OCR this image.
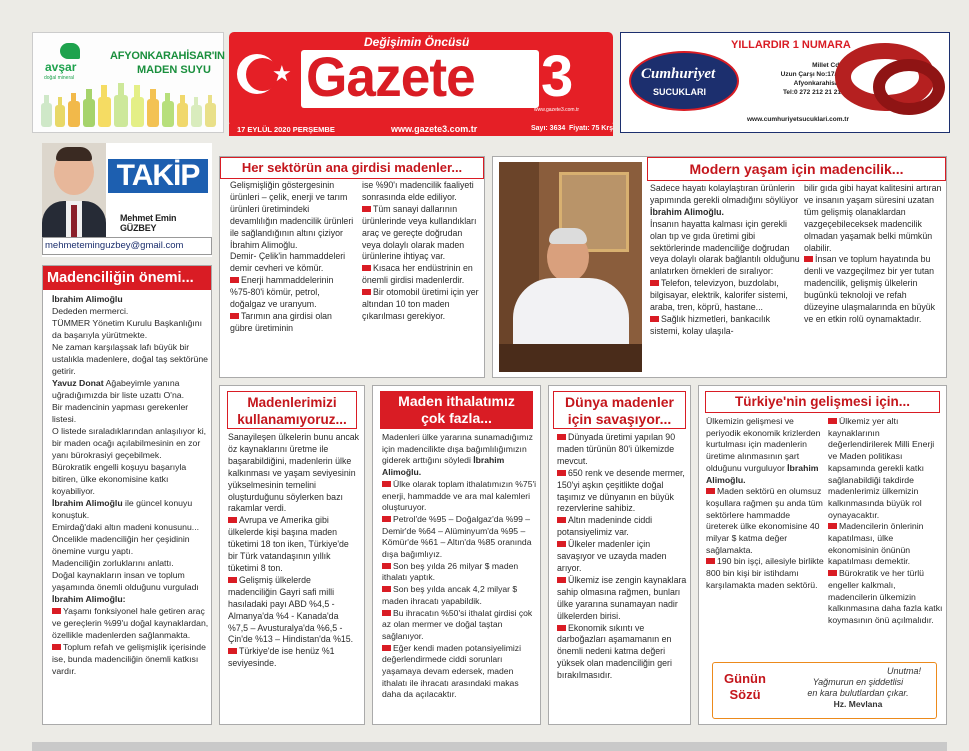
avşar
doğal mineral
AFYONKARAHİSAR'IN
MADEN SUYU	★
Değişimin Öncüsü
Gazete 3
www.gazete3.com.tr
17 EYLÜL 2020 PERŞEMBE	www.gazete3.com.tr	Sayı: 3634 Fiyatı: 75 Krş
YILLARDIR 1 NUMARA
Cumhuriyet
SUCUKLARI
Millet Cd.
Uzun Çarşı No:17/A
Afyonkarahisar
Tel:0 272 212 21 21
www.cumhuriyetsucuklari.com.tr
TAKİP
Mehmet Emin GÜZBEY
mehmeteminguzbey@gmail.com
Madenciliğin önemi...

İbrahim Alimoğlu

Dededen mermerci.

TÜMMER Yönetim Kurulu Başkanlığını da başarıyla yürütmekte.

Ne zaman karşılaşsak lafı büyük bir ustalıkla madenlere, doğal taş sektörüne getirir.

Yavuz Donat Ağabeyimle yanına uğradığımızda bir liste uzattı O'na.

Bir madencinin yapması gerekenler listesi.

O listede sıraladıklarından anlaşılıyor ki, bir maden ocağı açılabilmesinin en zor yanı bürokrasiyi geçebilmek.

Bürokratik engelli koşuyu başarıyla bitiren, ülke ekonomisine katkı koyabiliyor.

İbrahim Alimoğlu ile güncel konuyu konuştuk.

Emirdağ'daki altın madeni konusunu...

Öncelikle madenciliğin her çeşidinin önemine vurgu yaptı.

Madenciliğin zorluklarını anlattı.

Doğal kaynakların insan ve toplum yaşamında önemli olduğunu vurguladı İbrahim Alimoğlu:

Yaşamı fonksiyonel hale getiren araç ve gereçlerin %99'u doğal kaynaklardan, özellikle madenlerden sağlanmakta.

Toplum refah ve gelişmişlik içerisinde ise, bunda madenciliğin önemli katkısı vardır.

Her sektörün ana girdisi madenler...

Gelişmişliğin göstergesinin ürünleri – çelik, enerji ve tarım ürünleri üretimindeki devamlılığın madencilik ürünleri ile sağlandığının altını çiziyor İbrahim Alimoğlu.

Demir- Çelik'in hammaddeleri demir cevheri ve kömür.

Enerji hammaddelerinin %75-80'i kömür, petrol, doğalgaz ve uranyum.

Tarımın ana girdisi olan gübre üretiminin

ise %90'ı madencilik faaliyeti sonrasında elde ediliyor.

Tüm sanayi dallarının ürünlerinde veya kullandıkları araç ve gereçte doğrudan veya dolaylı olarak maden ürünlerine ihtiyaç var.

Kısaca her endüstrinin en önemli girdisi madenlerdir.

Bir otomobil üretimi için yer altından 10 ton maden çıkarılması gerekiyor.

Modern yaşam için madencilik...

Sadece hayatı kolaylaştıran ürünlerin yapımında gerekli olmadığını söylüyor İbrahim Alimoğlu.

İnsanın hayatta kalması için gerekli olan tıp ve gıda üretimi gibi sektörlerinde madenciliğe doğrudan veya dolaylı olarak bağlantılı olduğunu anlatırken örnekleri de sıralıyor:

Telefon, televizyon, buzdolabı, bilgisayar, elektrik, kalorifer sistemi, araba, tren, köprü, hastane...

Sağlık hizmetleri, bankacılık sistemi, kolay ulaşıla-

bilir gıda gibi hayat kalitesini artıran ve insanın yaşam süresini uzatan tüm gelişmiş olanaklardan vazgeçebileceksek madencilik olmadan yaşamak belki mümkün olabilir.

İnsan ve toplum hayatında bu denli ve vazgeçilmez bir yer tutan madencilik, gelişmiş ülkelerin bugünkü teknoloji ve refah düzeyine ulaşmalarında en büyük ve en etkin rolü oynamaktadır.

Madenlerimizi kullanamıyoruz...

Sanayileşen ülkelerin bunu ancak öz kaynaklarını üretme ile başarabildiğini, madenlerin ülke kalkınması ve yaşam seviyesinin yükselmesinin temelini oluşturduğunu söylerken bazı rakamlar verdi.

Avrupa ve Amerika gibi ülkelerde kişi başına maden tüketimi 18 ton iken, Türkiye'de bir Türk vatandaşının yıllık tüketimi 8 ton.

Gelişmiş ülkelerde madenciliğin Gayri safi milli hasıladaki payı ABD %4,5 - Almanya'da %4 - Kanada'da %7,5 – Avusturalya'da %6,5 - Çin'de %13 – Hindistan'da %15.

Türkiye'de ise henüz %1 seviyesinde.

Maden ithalatımız
çok fazla...

Madenleri ülke yararına sunamadığımız için madencilikte dışa bağımlılığımızın giderek arttığını söyledi İbrahim Alimoğlu.

Ülke olarak toplam ithalatımızın %75'i enerji, hammadde ve ara mal kalemleri oluşturuyor.

Petrol'de %95 – Doğalgaz'da %99 – Demir'de %64 – Alüminyum'da %95 – Kömür'de %61 – Altın'da %85 oranında dışa bağımlıyız.

Son beş yılda 26 milyar $ maden ithalatı yaptık.

Son beş yılda ancak 4,2 milyar $ maden ihracatı yapabildik.

Bu ihracatın %50'si ithalat girdisi çok az olan mermer ve doğal taştan sağlanıyor.

Eğer kendi maden potansiyelimizi değerlendirmede ciddi sorunları yaşamaya devam edersek, maden ithalatı ile ihracatı arasındaki makas daha da açılacaktır.

Dünya madenler
için savaşıyor...

Dünyada üretimi yapılan 90 maden türünün 80'i ülkemizde mevcut.

650 renk ve desende mermer, 150'yi aşkın çeşitlikte doğal taşımız ve dünyanın en büyük rezervlerine sahibiz.

Altın madeninde ciddi potansiyelimiz var.

Ülkeler madenler için savaşıyor ve uzayda maden arıyor.

Ülkemiz ise zengin kaynaklara sahip olmasına rağmen, bunları ülke yararına sunamayan nadir ülkelerden birisi.

Ekonomik sıkıntı ve darboğazları aşamamanın en önemli nedeni katma değeri yüksek olan madenciliğin geri bırakılmasıdır.

Türkiye'nin gelişmesi için...

Ülkemizin gelişmesi ve periyodik ekonomik krizlerden kurtulması için madenlerin üretime alınmasının şart olduğunu vurguluyor İbrahim Alimoğlu.

Maden sektörü en olumsuz koşullara rağmen şu anda tüm sektörlere hammadde üreterek ülke ekonomisine 40 milyar $ katma değer sağlamakta.

190 bin işçi, ailesiyle birlikte 800 bin kişi bir istihdamı karşılamakta maden sektörü.

Ülkemiz yer altı kaynaklarının değerlendirilerek Milli Enerji ve Maden politikası kapsamında gerekli katkı sağlanabildiği takdirde madenlerimiz ülkemizin kalkınmasında büyük rol oynayacaktır.

Madencilerin önlerinin kapatılması, ülke ekonomisinin önünün kapatılması demektir.

Bürokratik ve her türlü engeller kalkmalı, madencilerin ülkemizin kalkınmasına daha fazla katkı koymasının önü açılmalıdır.

Günün
Sözü
Unutma!
Yağmurun en şiddetlisi
en kara bulutlardan çıkar.
Hz. Mevlana
